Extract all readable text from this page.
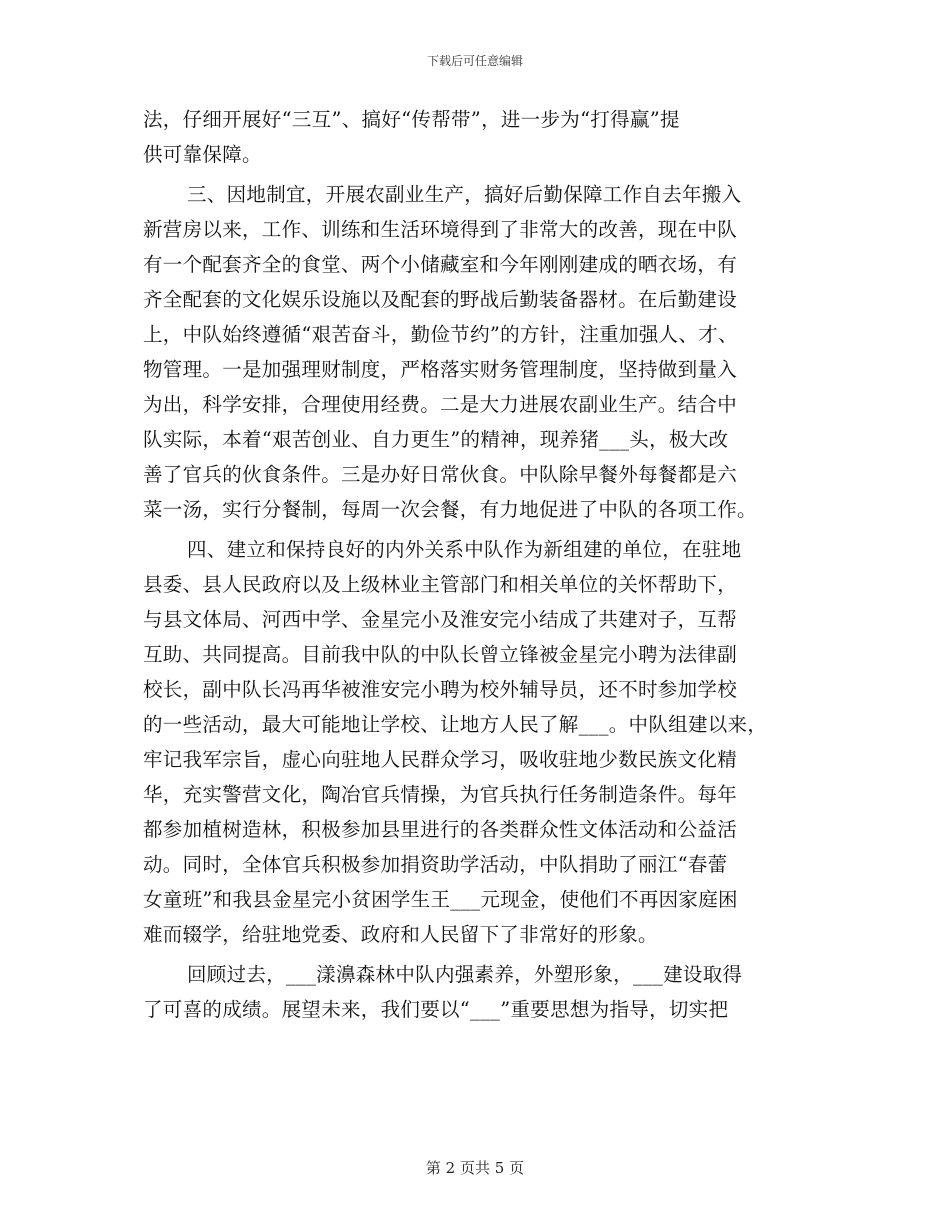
下载后可任意编辑
法，仔细开展好“三互”、搞好“传帮带”，进一步为“打得赢”提
供可靠保障。
三、因地制宜，开展农副业生产，搞好后勤保障工作自去年搬入
新营房以来，工作、训练和生活环境得到了非常大的改善，现在中队
有一个配套齐全的食堂、两个小储藏室和今年刚刚建成的晒衣场，有
齐全配套的文化娱乐设施以及配套的野战后勤装备器材。在后勤建设
上，中队始终遵循“艰苦奋斗，勤俭节约”的方针，注重加强人、才、
物管理。一是加强理财制度，严格落实财务管理制度，坚持做到量入
为出，科学安排，合理使用经费。二是大力进展农副业生产。结合中
队实际，本着“艰苦创业、自力更生”的精神，现养猪___头，极大改
善了官兵的伙食条件。三是办好日常伙食。中队除早餐外每餐都是六
菜一汤，实行分餐制，每周一次会餐，有力地促进了中队的各项工作。
四、建立和保持良好的内外关系中队作为新组建的单位，在驻地
县委、县人民政府以及上级林业主管部门和相关单位的关怀帮助下，
与县文体局、河西中学、金星完小及淮安完小结成了共建对子，互帮
互助、共同提高。目前我中队的中队长曾立锋被金星完小聘为法律副
校长，副中队长冯再华被淮安完小聘为校外辅导员，还不时参加学校
的一些活动，最大可能地让学校、让地方人民了解___。中队组建以来，
牢记我军宗旨，虚心向驻地人民群众学习，吸收驻地少数民族文化精
华，充实警营文化，陶冶官兵情操，为官兵执行任务制造条件。每年
都参加植树造林，积极参加县里进行的各类群众性文体活动和公益活
动。同时，全体官兵积极参加捐资助学活动，中队捐助了丽江“春蕾
女童班”和我县金星完小贫困学生王___元现金，使他们不再因家庭困
难而辍学，给驻地党委、政府和人民留下了非常好的形象。
回顾过去，___漾濞森林中队内强素养，外塑形象，___建设取得
了可喜的成绩。展望未来，我们要以“___”重要思想为指导，切实把
第 2 页共 5 页
